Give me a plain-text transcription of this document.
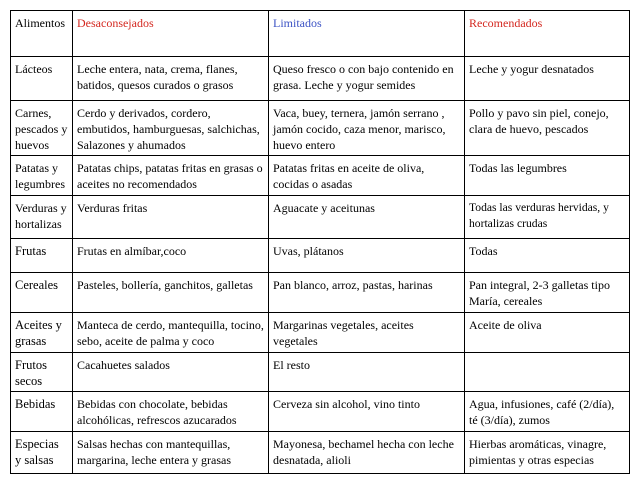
Alimentos	Desaconsejados	Limitados	Recomendados
Lácteos	Leche entera, nata, crema, flanes, batidos, quesos curados o grasos	Queso fresco o con bajo contenido en grasa. Leche y yogur semides	Leche y yogur desnatados
Carnes, pescados y huevos	Cerdo y derivados, cordero, embutidos, hamburguesas, salchichas, Salazones y ahumados	Vaca, buey, ternera, jamón serrano , jamón cocido, caza menor, marisco, huevo entero	Pollo y pavo sin piel, conejo, clara de huevo, pescados
Patatas y legumbres	Patatas chips, patatas fritas en grasas o aceites no recomendados	Patatas fritas en aceite de oliva, cocidas o asadas	Todas las legumbres
Verduras y hortalizas	Verduras fritas	Aguacate y aceitunas	Todas las verduras hervidas, y hortalizas crudas
Frutas	Frutas en almíbar,coco	Uvas, plátanos	Todas
Cereales	Pasteles, bollería, ganchitos, galletas	Pan blanco, arroz, pastas, harinas	Pan integral, 2-3 galletas tipo María, cereales
Aceites y grasas	Manteca de cerdo, mantequilla, tocino, sebo, aceite de palma y coco	Margarinas vegetales, aceites vegetales	Aceite de oliva
Frutos secos	Cacahuetes salados	El resto	
Bebidas	Bebidas con chocolate, bebidas alcohólicas, refrescos azucarados	Cerveza sin alcohol, vino tinto	Agua, infusiones, café (2/día), té (3/día), zumos
Especias y salsas	Salsas hechas con mantequillas, margarina, leche entera y grasas	Mayonesa, bechamel hecha con leche desnatada, alioli	Hierbas aromáticas, vinagre, pimientas y otras especias
